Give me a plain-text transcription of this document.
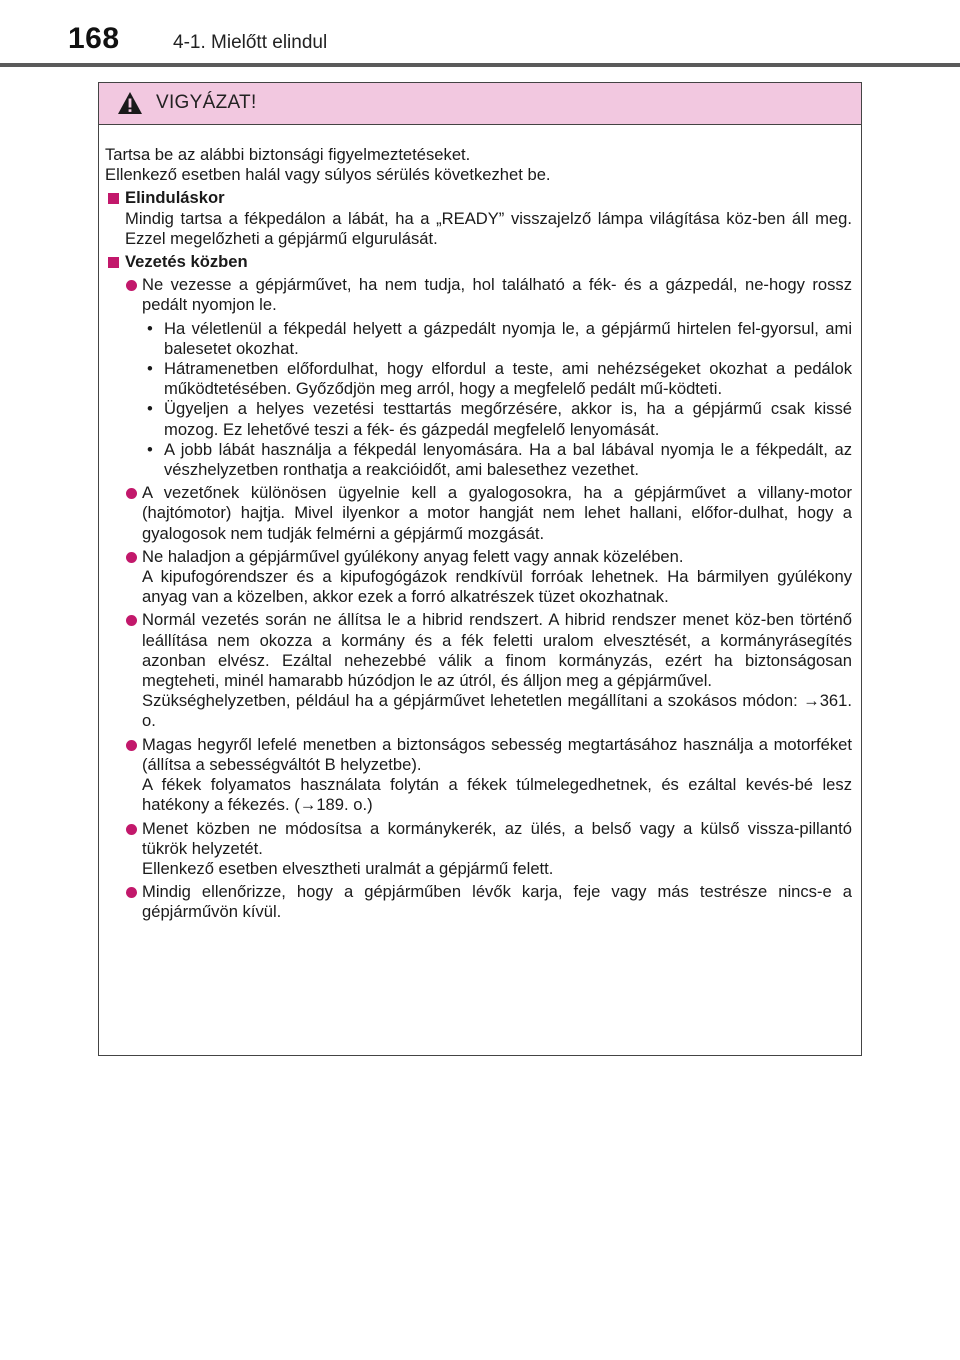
168	4-1. Mielőtt elindul
VIGYÁZAT!

Tartsa be az alábbi biztonsági figyelmeztetéseket.
Ellenkező esetben halál vagy súlyos sérülés következhet be.

Elinduláskor

Mindig tartsa a fékpedálon a lábát, ha a „READY” visszajelző lámpa világítása köz-ben áll meg. Ezzel megelőzheti a gépjármű elgurulását.

Vezetés közben
Ne vezesse a gépjárművet, ha nem tudja, hol található a fék- és a gázpedál, ne-hogy rossz pedált nyomjon le.
• Ha véletlenül a fékpedál helyett a gázpedált nyomja le, a gépjármű hirtelen fel-gyorsul, ami balesetet okozhat.
• Hátramenetben előfordulhat, hogy elfordul a teste, ami nehézségeket okozhat a pedálok működtetésében. Győződjön meg arról, hogy a megfelelő pedált mű-ködteti.
• Ügyeljen a helyes vezetési testtartás megőrzésére, akkor is, ha a gépjármű csak kissé mozog. Ez lehetővé teszi a fék- és gázpedál megfelelő lenyomását.
• A jobb lábát használja a fékpedál lenyomására. Ha a bal lábával nyomja le a fékpedált, az vészhelyzetben ronthatja a reakcióidőt, ami balesethez vezethet.
A vezetőnek különösen ügyelnie kell a gyalogosokra, ha a gépjárművet a villany-motor (hajtómotor) hajtja. Mivel ilyenkor a motor hangját nem lehet hallani, előfor-dulhat, hogy a gyalogosok nem tudják felmérni a gépjármű mozgását.
Ne haladjon a gépjárművel gyúlékony anyag felett vagy annak közelében.
A kipufogórendszer és a kipufogógázok rendkívül forróak lehetnek. Ha bármilyen gyúlékony anyag van a közelben, akkor ezek a forró alkatrészek tüzet okozhatnak.
Normál vezetés során ne állítsa le a hibrid rendszert. A hibrid rendszer menet köz-ben történő leállítása nem okozza a kormány és a fék feletti uralom elvesztését, a kormányrásegítés azonban elvész. Ezáltal nehezebbé válik a finom kormányzás, ezért ha biztonságosan megteheti, minél hamarabb húzódjon le az útról, és álljon meg a gépjárművel.
Szükséghelyzetben, például ha a gépjárművet lehetetlen megállítani a szokásos módon: →361. o.
Magas hegyről lefelé menetben a biztonságos sebesség megtartásához használja a motorféket (állítsa a sebességváltót B helyzetbe).
A fékek folyamatos használata folytán a fékek túlmelegedhetnek, és ezáltal kevés-bé lesz hatékony a fékezés. (→189. o.)
Menet közben ne módosítsa a kormánykerék, az ülés, a belső vagy a külső vissza-pillantó tükrök helyzetét.
Ellenkező esetben elvesztheti uralmát a gépjármű felett.
Mindig ellenőrizze, hogy a gépjárműben lévők karja, feje vagy más testrésze nincs-e a gépjárművön kívül.
